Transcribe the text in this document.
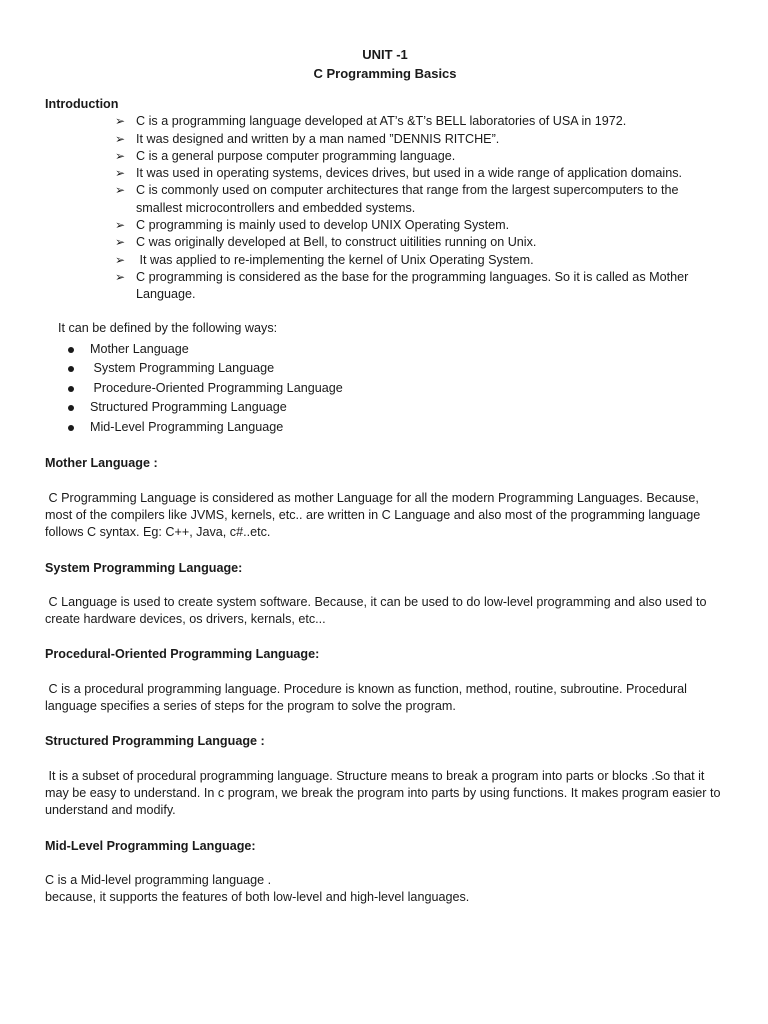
UNIT -1
C Programming Basics
Introduction
➢ C is a programming language developed at AT’s &T’s BELL laboratories of USA in 1972.
➢ It was designed and written by a man named ”DENNIS RITCHE”.
➢ C is a general purpose computer programming language.
➢ It was used in operating systems, devices drives, but used in a wide range of application domains.
➢ C is commonly used on computer architectures that range from the largest supercomputers to the smallest microcontrollers and embedded systems.
➢ C programming is mainly used to develop UNIX Operating System.
➢ C was originally developed at Bell, to construct uitilities running on Unix.
➢ It was applied to re-implementing the kernel of Unix Operating System.
➢ C programming is considered as the base for the programming languages. So it is called as Mother Language.
It can be defined by the following ways:
Mother Language
System Programming Language
Procedure-Oriented Programming Language
Structured Programming Language
Mid-Level Programming Language
Mother Language :

C Programming Language is considered as mother Language for all the modern Programming Languages. Because, most of the compilers like JVMS, kernels, etc.. are written in C Language and also most of the programming language follows C syntax. Eg: C++, Java, c#..etc.

System Programming Language:

C Language is used to create system software. Because, it can be used to do low-level programming and also used to create hardware devices, os drivers, kernals, etc...

Procedural-Oriented Programming Language:

C is a procedural programming language. Procedure is known as function, method, routine, subroutine. Procedural language specifies a series of steps for the program to solve the program.

Structured Programming Language :

It is a subset of procedural programming language. Structure means to break a program into parts or blocks .So that it may be easy to understand. In c program, we break the program into parts by using functions. It makes program easier to understand and modify.

Mid-Level Programming Language:

C is a Mid-level programming language .

because, it supports the features of both low-level and high-level languages.
